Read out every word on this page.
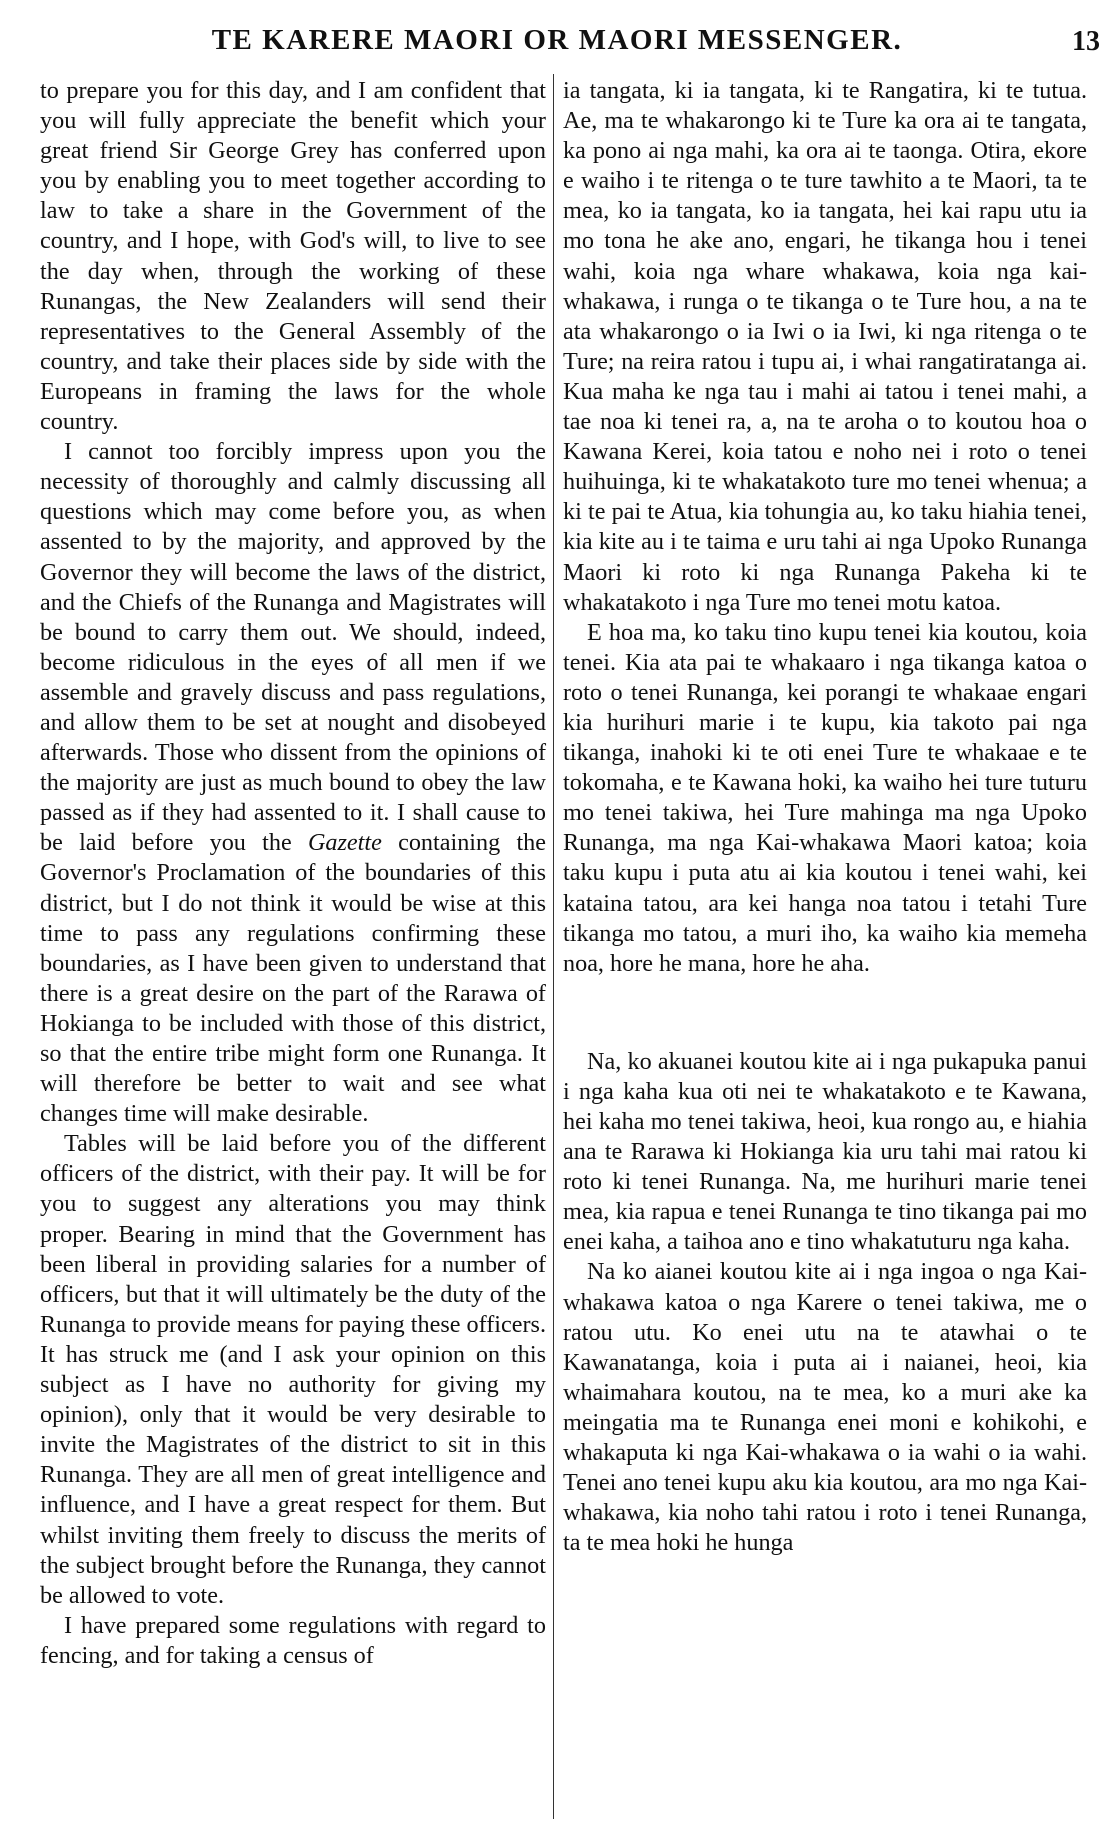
TE KARERE MAORI OR MAORI MESSENGER.	13

to prepare you for this day, and I am confident that you will fully appreciate the benefit which your great friend Sir George Grey has conferred upon you by enabling you to meet together according to law to take a share in the Government of the country, and I hope, with God's will, to live to see the day when, through the working of these Runangas, the New Zealanders will send their representatives to the General Assembly of the country, and take their places side by side with the Europeans in framing the laws for the whole country.

I cannot too forcibly impress upon you the necessity of thoroughly and calmly discussing all questions which may come before you, as when assented to by the majority, and approved by the Governor they will become the laws of the district, and the Chiefs of the Runanga and Magistrates will be bound to carry them out. We should, indeed, become ridiculous in the eyes of all men if we assemble and gravely discuss and pass regulations, and allow them to be set at nought and disobeyed afterwards. Those who dissent from the opinions of the majority are just as much bound to obey the law passed as if they had assented to it. I shall cause to be laid before you the Gazette containing the Governor's Proclamation of the boundaries of this district, but I do not think it would be wise at this time to pass any regulations confirming these boundaries, as I have been given to understand that there is a great desire on the part of the Rarawa of Hokianga to be included with those of this district, so that the entire tribe might form one Runanga. It will therefore be better to wait and see what changes time will make desirable.

Tables will be laid before you of the different officers of the district, with their pay. It will be for you to suggest any alterations you may think proper. Bearing in mind that the Government has been liberal in providing salaries for a number of officers, but that it will ultimately be the duty of the Runanga to provide means for paying these officers. It has struck me (and I ask your opinion on this subject as I have no authority for giving my opinion), only that it would be very desirable to invite the Magistrates of the district to sit in this Runanga. They are all men of great intelligence and influence, and I have a great respect for them. But whilst inviting them freely to discuss the merits of the subject brought before the Runanga, they cannot be allowed to vote.

I have prepared some regulations with regard to fencing, and for taking a census of

ia tangata, ki ia tangata, ki te Rangatira, ki te tutua. Ae, ma te whakarongo ki te Ture ka ora ai te tangata, ka pono ai nga mahi, ka ora ai te taonga. Otira, ekore e waiho i te ritenga o te ture tawhito a te Maori, ta te mea, ko ia tangata, ko ia tangata, hei kai rapu utu ia mo tona he ake ano, engari, he tikanga hou i tenei wahi, koia nga whare whakawa, koia nga kai-whakawa, i runga o te tikanga o te Ture hou, a na te ata whakarongo o ia Iwi o ia Iwi, ki nga ritenga o te Ture; na reira ratou i tupu ai, i whai rangatiratanga ai. Kua maha ke nga tau i mahi ai tatou i tenei mahi, a tae noa ki tenei ra, a, na te aroha o to koutou hoa o Kawana Kerei, koia tatou e noho nei i roto o tenei huihuinga, ki te whakatakoto ture mo tenei whenua; a ki te pai te Atua, kia tohungia au, ko taku hiahia tenei, kia kite au i te taima e uru tahi ai nga Upoko Runanga Maori ki roto ki nga Runanga Pakeha ki te whakatakoto i nga Ture mo tenei motu katoa.

E hoa ma, ko taku tino kupu tenei kia koutou, koia tenei. Kia ata pai te whakaaro i nga tikanga katoa o roto o tenei Runanga, kei porangi te whakaae engari kia hurihuri marie i te kupu, kia takoto pai nga tikanga, inahoki ki te oti enei Ture te whakaae e te tokomaha, e te Kawana hoki, ka waiho hei ture tuturu mo tenei takiwa, hei Ture mahinga ma nga Upoko Runanga, ma nga Kai-whakawa Maori katoa; koia taku kupu i puta atu ai kia koutou i tenei wahi, kei kataina tatou, ara kei hanga noa tatou i tetahi Ture tikanga mo tatou, a muri iho, ka waiho kia memeha noa, hore he mana, hore he aha.

Na, ko akuanei koutou kite ai i nga pukapuka panui i nga kaha kua oti nei te whakatakoto e te Kawana, hei kaha mo tenei takiwa, heoi, kua rongo au, e hiahia ana te Rarawa ki Hokianga kia uru tahi mai ratou ki roto ki tenei Runanga. Na, me hurihuri marie tenei mea, kia rapua e tenei Runanga te tino tikanga pai mo enei kaha, a taihoa ano e tino whakatuturu nga kaha.

Na ko aianei koutou kite ai i nga ingoa o nga Kai-whakawa katoa o nga Karere o tenei takiwa, me o ratou utu. Ko enei utu na te atawhai o te Kawanatanga, koia i puta ai i naianei, heoi, kia whaimahara koutou, na te mea, ko a muri ake ka meingatia ma te Runanga enei moni e kohikohi, e whakaputa ki nga Kai-whakawa o ia wahi o ia wahi. Tenei ano tenei kupu aku kia koutou, ara mo nga Kai-whakawa, kia noho tahi ratou i roto i tenei Runanga, ta te mea hoki he hunga
